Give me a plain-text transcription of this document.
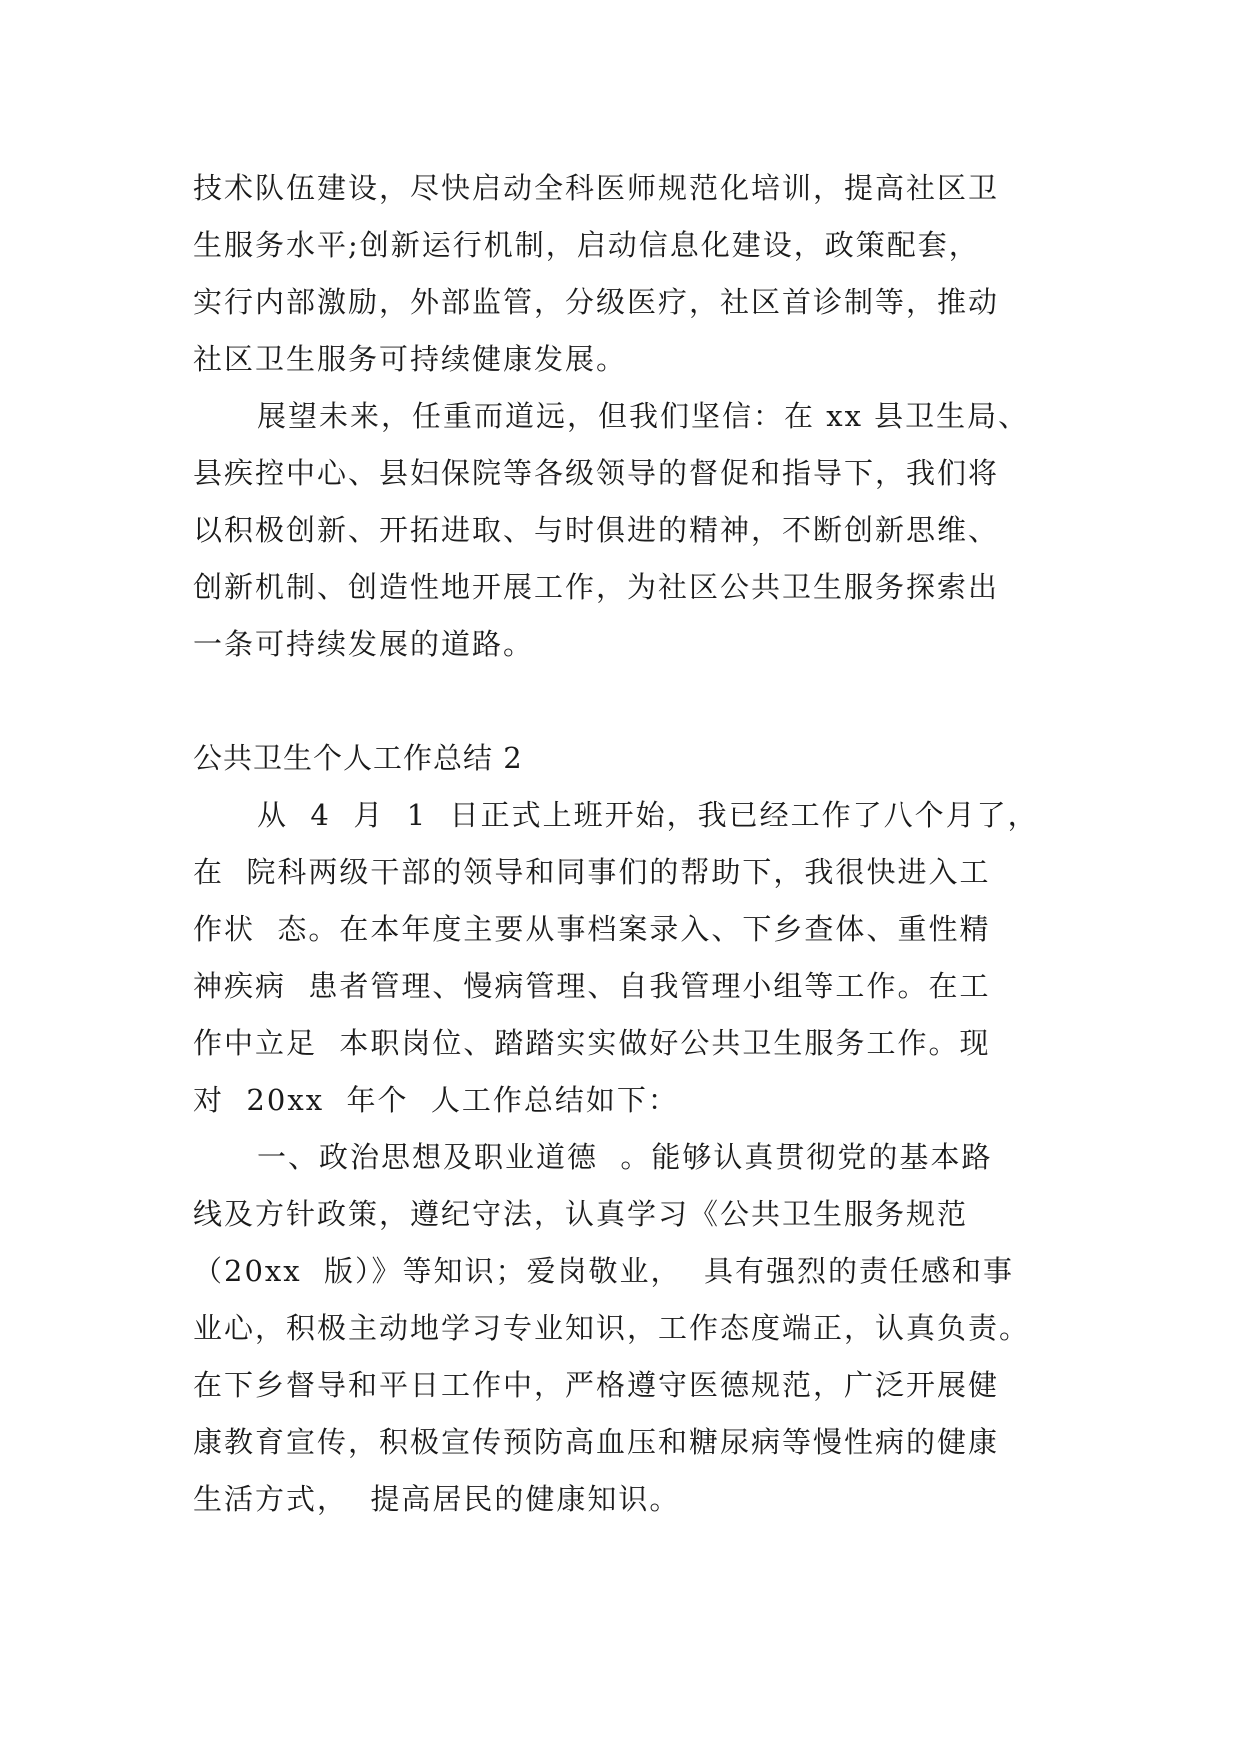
技术队伍建设，尽快启动全科医师规范化培训，提高社区卫
生服务水平;创新运行机制，启动信息化建设，政策配套，
实行内部激励，外部监管，分级医疗，社区首诊制等，推动
社区卫生服务可持续健康发展。
展望未来，任重而道远，但我们坚信：在 xx 县卫生局、
县疾控中心、县妇保院等各级领导的督促和指导下，我们将
以积极创新、开拓进取、与时俱进的精神，不断创新思维、
创新机制、创造性地开展工作，为社区公共卫生服务探索出
一条可持续发展的道路。
公共卫生个人工作总结 2
从  4  月  1  日正式上班开始，我已经工作了八个月了，
在  院科两级干部的领导和同事们的帮助下，我很快进入工
作状  态。在本年度主要从事档案录入、下乡查体、重性精
神疾病  患者管理、慢病管理、自我管理小组等工作。在工
作中立足  本职岗位、踏踏实实做好公共卫生服务工作。现
对  20xx  年个  人工作总结如下：
一、政治思想及职业道德  。能够认真贯彻党的基本路
线及方针政策，遵纪守法，认真学习《公共卫生服务规范
（20xx  版）》等知识；爱岗敬业，  具有强烈的责任感和事
业心，积极主动地学习专业知识，工作态度端正，认真负责。
在下乡督导和平日工作中，严格遵守医德规范，广泛开展健
康教育宣传，积极宣传预防高血压和糖尿病等慢性病的健康
生活方式，  提高居民的健康知识。
